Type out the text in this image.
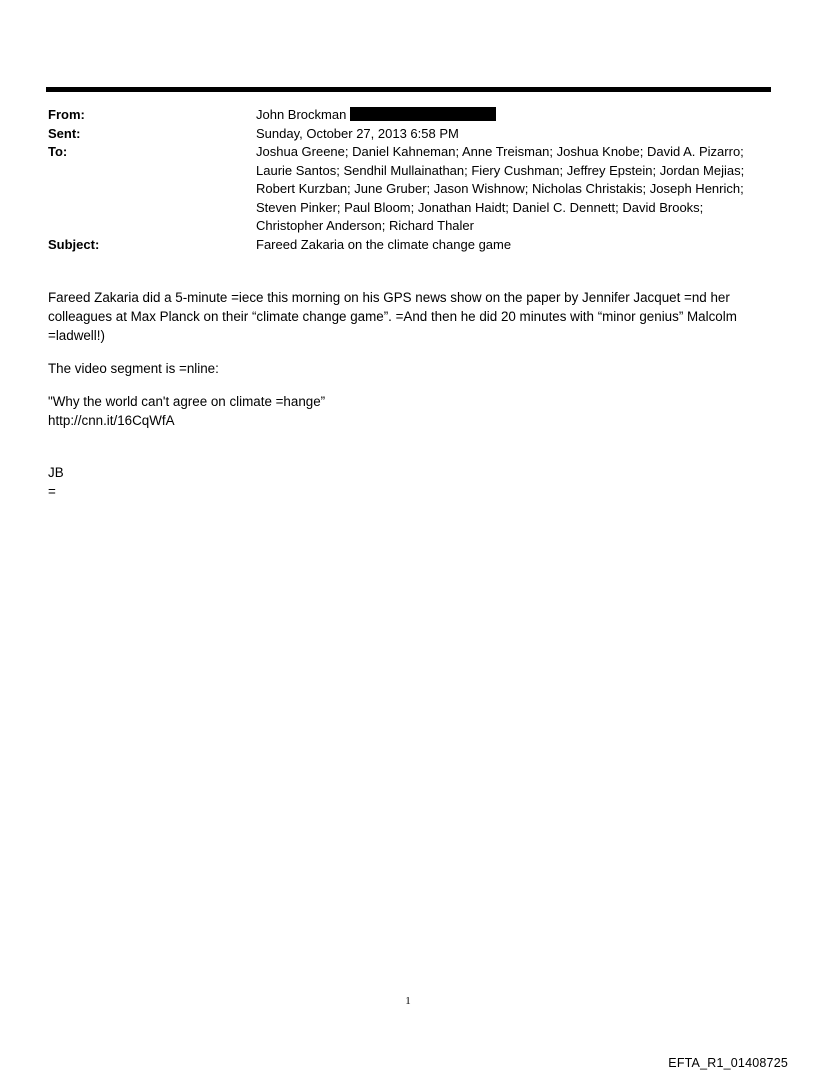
From:	John Brockman
Sent:	Sunday, October 27, 2013 6:58 PM
To:	Joshua Greene; Daniel Kahneman; Anne Treisman; Joshua Knobe; David A. Pizarro; Laurie Santos; Sendhil Mullainathan; Fiery Cushman; Jeffrey Epstein; Jordan Mejias; Robert Kurzban; June Gruber; Jason Wishnow; Nicholas Christakis; Joseph Henrich; Steven Pinker; Paul Bloom; Jonathan Haidt; Daniel C. Dennett; David Brooks; Christopher Anderson; Richard Thaler
Subject:	Fareed Zakaria on the climate change game

Fareed Zakaria did a 5-minute =iece this morning on his GPS news show on the paper by Jennifer Jacquet =nd her colleagues at Max Planck on their “climate change game”. =And then he did 20 minutes with “minor genius” Malcolm =ladwell!)

The video segment is =nline:

"Why the world can't agree on climate =hange”

http://cnn.it/16CqWfA

JB

=

1
EFTA_R1_01408725
